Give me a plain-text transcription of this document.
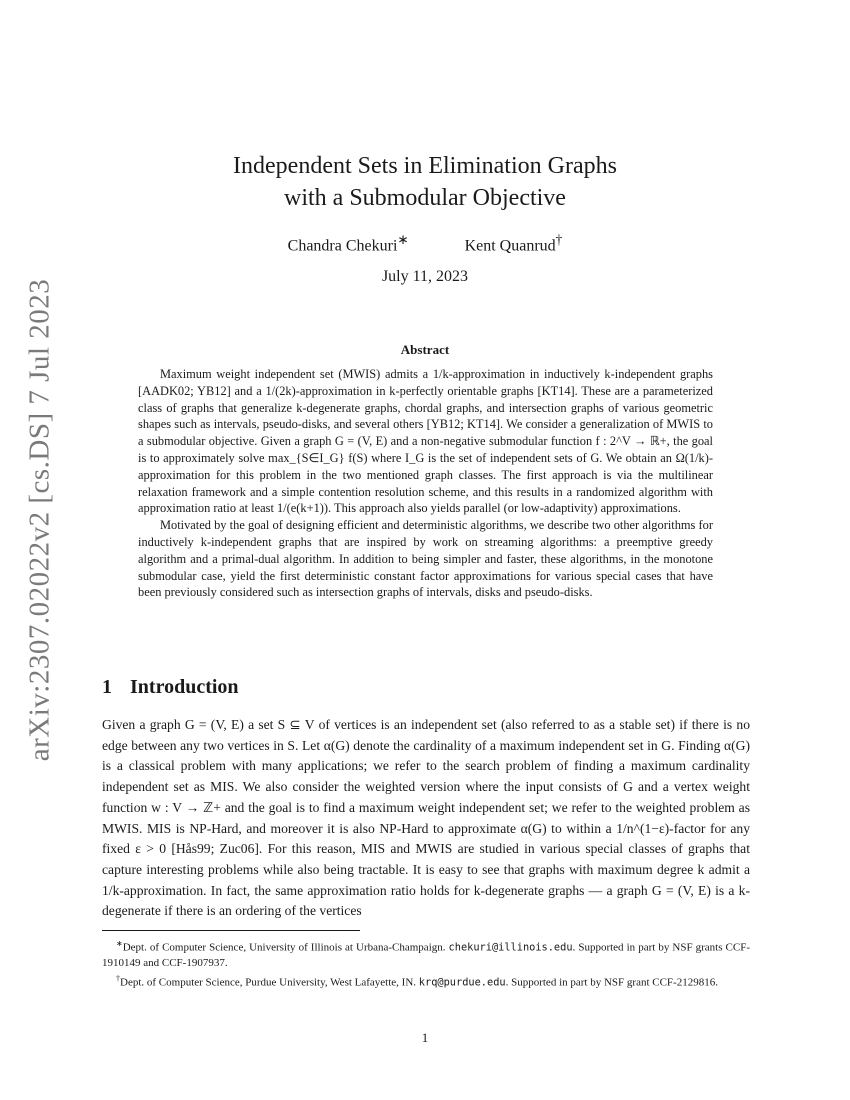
arXiv:2307.02022v2 [cs.DS] 7 Jul 2023
Independent Sets in Elimination Graphs
with a Submodular Objective
Chandra Chekuri∗	Kent Quanrud†
July 11, 2023
Abstract

Maximum weight independent set (MWIS) admits a 1/k-approximation in inductively k-independent graphs [AADK02; YB12] and a 1/(2k)-approximation in k-perfectly orientable graphs [KT14]. These are a parameterized class of graphs that generalize k-degenerate graphs, chordal graphs, and intersection graphs of various geometric shapes such as intervals, pseudo-disks, and several others [YB12; KT14]. We consider a generalization of MWIS to a submodular objective. Given a graph G = (V, E) and a non-negative submodular function f : 2^V → ℝ+, the goal is to approximately solve max_{S∈I_G} f(S) where I_G is the set of independent sets of G. We obtain an Ω(1/k)-approximation for this problem in the two mentioned graph classes. The first approach is via the multilinear relaxation framework and a simple contention resolution scheme, and this results in a randomized algorithm with approximation ratio at least 1/(e(k+1)). This approach also yields parallel (or low-adaptivity) approximations.

Motivated by the goal of designing efficient and deterministic algorithms, we describe two other algorithms for inductively k-independent graphs that are inspired by work on streaming algorithms: a preemptive greedy algorithm and a primal-dual algorithm. In addition to being simpler and faster, these algorithms, in the monotone submodular case, yield the first deterministic constant factor approximations for various special cases that have been previously considered such as intersection graphs of intervals, disks and pseudo-disks.

1 Introduction

Given a graph G = (V, E) a set S ⊆ V of vertices is an independent set (also referred to as a stable set) if there is no edge between any two vertices in S. Let α(G) denote the cardinality of a maximum independent set in G. Finding α(G) is a classical problem with many applications; we refer to the search problem of finding a maximum cardinality independent set as MIS. We also consider the weighted version where the input consists of G and a vertex weight function w : V → ℤ+ and the goal is to find a maximum weight independent set; we refer to the weighted problem as MWIS. MIS is NP-Hard, and moreover it is also NP-Hard to approximate α(G) to within a 1/n^(1−ε)-factor for any fixed ε > 0 [Hås99; Zuc06]. For this reason, MIS and MWIS are studied in various special classes of graphs that capture interesting problems while also being tractable. It is easy to see that graphs with maximum degree k admit a 1/k-approximation. In fact, the same approximation ratio holds for k-degenerate graphs — a graph G = (V, E) is a k-degenerate if there is an ordering of the vertices

∗Dept. of Computer Science, University of Illinois at Urbana-Champaign. chekuri@illinois.edu. Supported in part by NSF grants CCF-1910149 and CCF-1907937.

†Dept. of Computer Science, Purdue University, West Lafayette, IN. krq@purdue.edu. Supported in part by NSF grant CCF-2129816.

1
